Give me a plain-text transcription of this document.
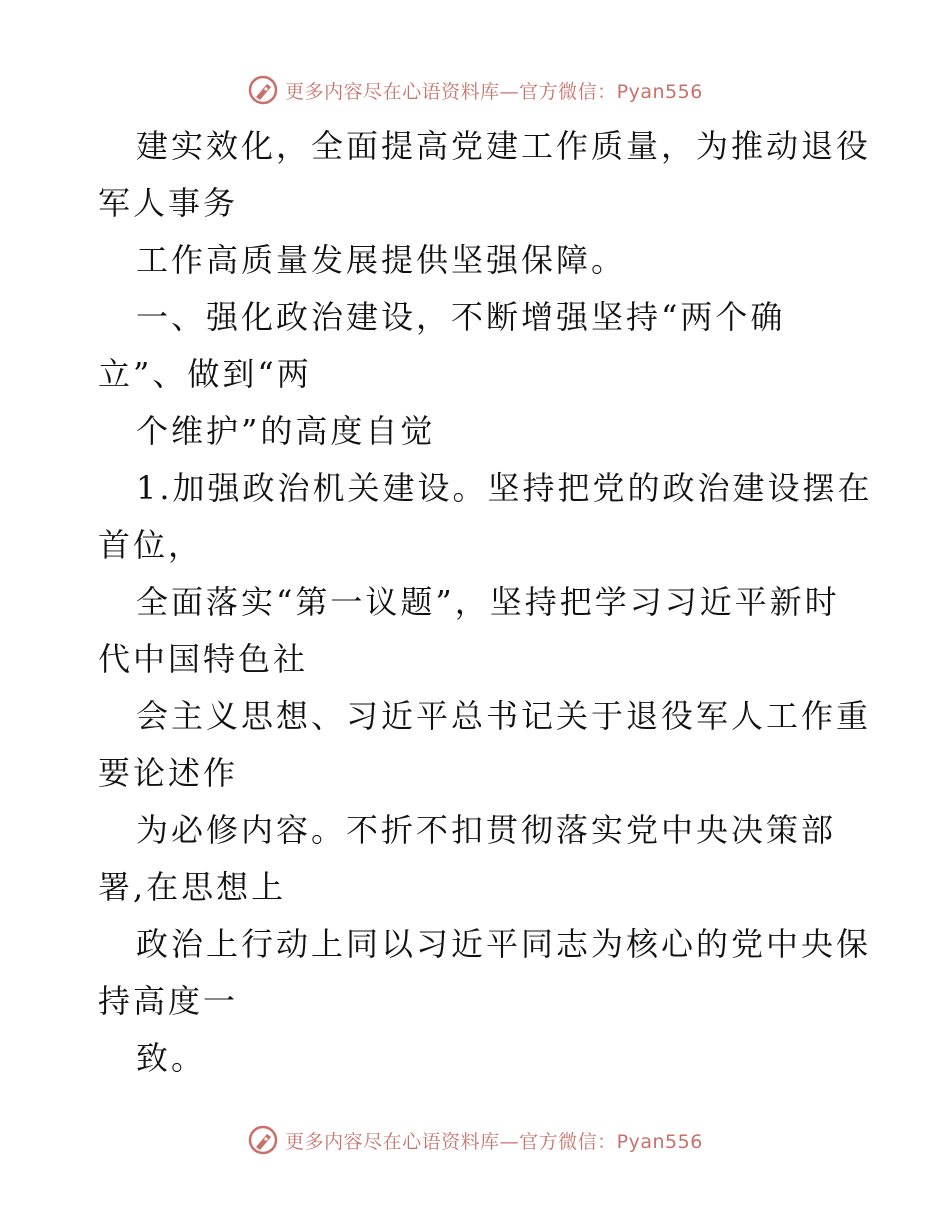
更多内容尽在心语资料库—官方微信：Pyan556
建实效化，全面提高党建工作质量，为推动退役
军人事务
工作高质量发展提供坚强保障。
一、强化政治建设，不断增强坚持“两个确
立”、做到“两
个维护”的高度自觉
1.加强政治机关建设。坚持把党的政治建设摆在
首位，
全面落实“第一议题”，坚持把学习习近平新时
代中国特色社
会主义思想、习近平总书记关于退役军人工作重
要论述作
为必修内容。不折不扣贯彻落实党中央决策部
署,在思想上
政治上行动上同以习近平同志为核心的党中央保
持高度一
致。
更多内容尽在心语资料库—官方微信：Pyan556
